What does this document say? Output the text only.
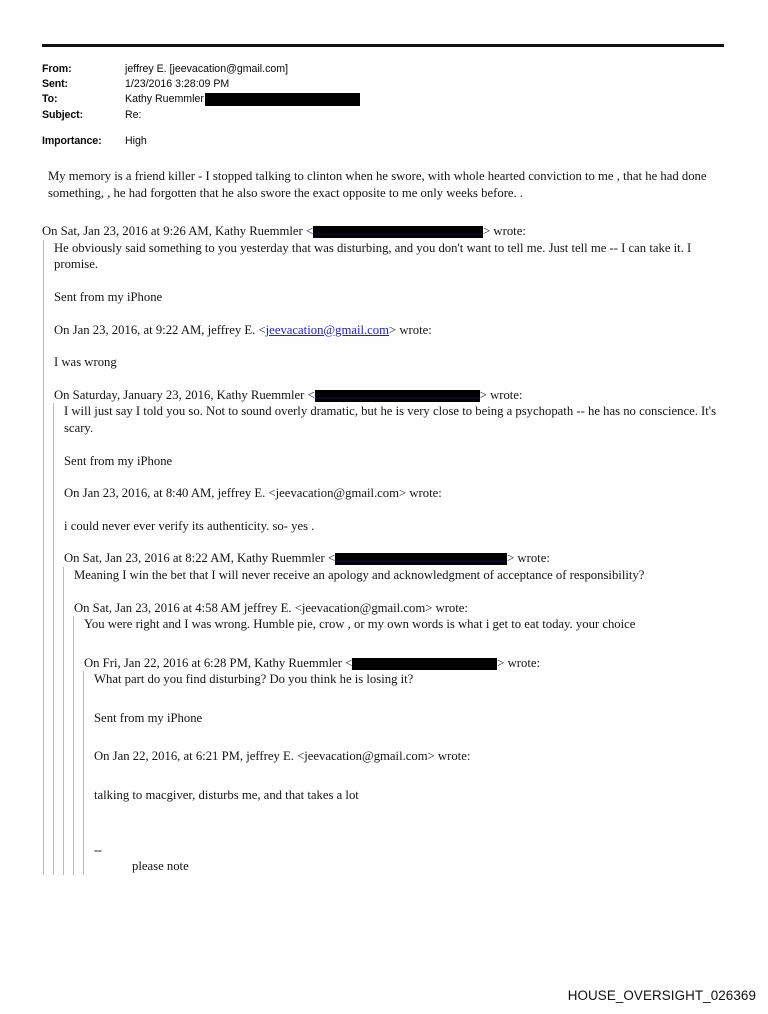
From:	jeffrey E. [jeevacation@gmail.com]
Sent:	1/23/2016 3:28:09 PM
To:	Kathy Ruemmler
Subject:	Re:
Importance:	High

My memory is a friend killer - I stopped talking to clinton when he swore, with whole hearted conviction to me , that he had done something, , he had forgotten that he also swore the exact opposite to me only weeks before. .

On Sat, Jan 23, 2016 at 9:26 AM, Kathy Ruemmler <	> wrote:

He obviously said something to you yesterday that was disturbing, and you don't want to tell me. Just tell me -- I can take it. I promise.

Sent from my iPhone

On Jan 23, 2016, at 9:22 AM, jeffrey E. <jeevacation@gmail.com> wrote:

I was wrong

On Saturday, January 23, 2016, Kathy Ruemmler <	> wrote:

I will just say I told you so. Not to sound overly dramatic, but he is very close to being a psychopath -- he has no conscience. It's scary.

Sent from my iPhone

On Jan 23, 2016, at 8:40 AM, jeffrey E. <jeevacation@gmail.com> wrote:

i could never ever verify its authenticity. so- yes .

On Sat, Jan 23, 2016 at 8:22 AM, Kathy Ruemmler <	> wrote:

Meaning I win the bet that I will never receive an apology and acknowledgment of acceptance of responsibility?

On Sat, Jan 23, 2016 at 4:58 AM jeffrey E. <jeevacation@gmail.com> wrote:

You were right and I was wrong. Humble pie, crow , or my own words is what i get to eat today. your choice

On Fri, Jan 22, 2016 at 6:28 PM, Kathy Ruemmler <	> wrote:

What part do you find disturbing? Do you think he is losing it?

Sent from my iPhone

On Jan 22, 2016, at 6:21 PM, jeffrey E. <jeevacation@gmail.com> wrote:

talking to macgiver, disturbs me, and that takes a lot

--

please note

HOUSE_OVERSIGHT_026369
